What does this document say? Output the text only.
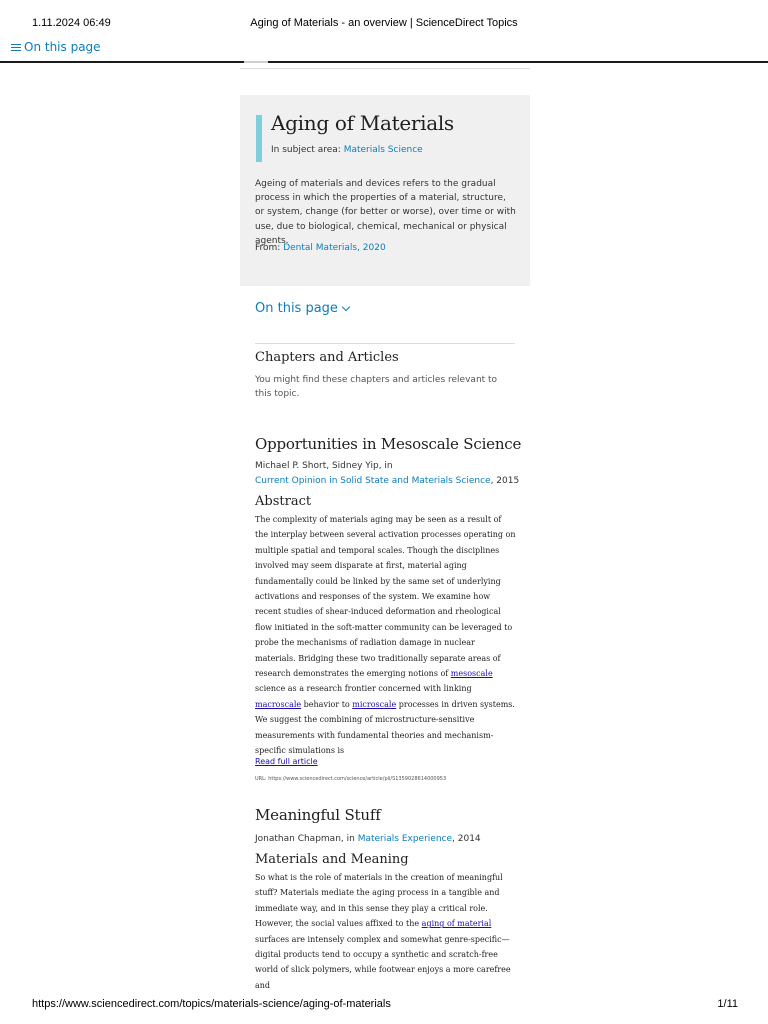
1.11.2024 06:49	Aging of Materials - an overview | ScienceDirect Topics
On this page
Aging of Materials
In subject area: Materials Science

Ageing of materials and devices refers to the gradual process in which the properties of a material, structure, or system, change (for better or worse), over time or with use, due to biological, chemical, mechanical or physical agents.

From: Dental Materials, 2020
On this page
Chapters and Articles

You might find these chapters and articles relevant to this topic.

Opportunities in Mesoscale Science
Michael P. Short, Sidney Yip, in
Current Opinion in Solid State and Materials Science, 2015
Abstract

The complexity of materials aging may be seen as a result of the interplay between several activation processes operating on multiple spatial and temporal scales. Though the disciplines involved may seem disparate at first, material aging fundamentally could be linked by the same set of underlying activations and responses of the system. We examine how recent studies of shear-induced deformation and rheological flow initiated in the soft-matter community can be leveraged to probe the mechanisms of radiation damage in nuclear materials. Bridging these two traditionally separate areas of research demonstrates the emerging notions of mesoscale science as a research frontier concerned with linking macroscale behavior to microscale processes in driven systems. We suggest the combining of microstructure-sensitive measurements with fundamental theories and mechanism-specific simulations is

Read full article
URL: https://www.sciencedirect.com/science/article/pii/S1359028614000953
Meaningful Stuff
Jonathan Chapman, in Materials Experience, 2014
Materials and Meaning

So what is the role of materials in the creation of meaningful stuff? Materials mediate the aging process in a tangible and immediate way, and in this sense they play a critical role. However, the social values affixed to the aging of material surfaces are intensely complex and somewhat genre-specific—digital products tend to occupy a synthetic and scratch-free world of slick polymers, while footwear enjoys a more carefree and

https://www.sciencedirect.com/topics/materials-science/aging-of-materials	1/11
